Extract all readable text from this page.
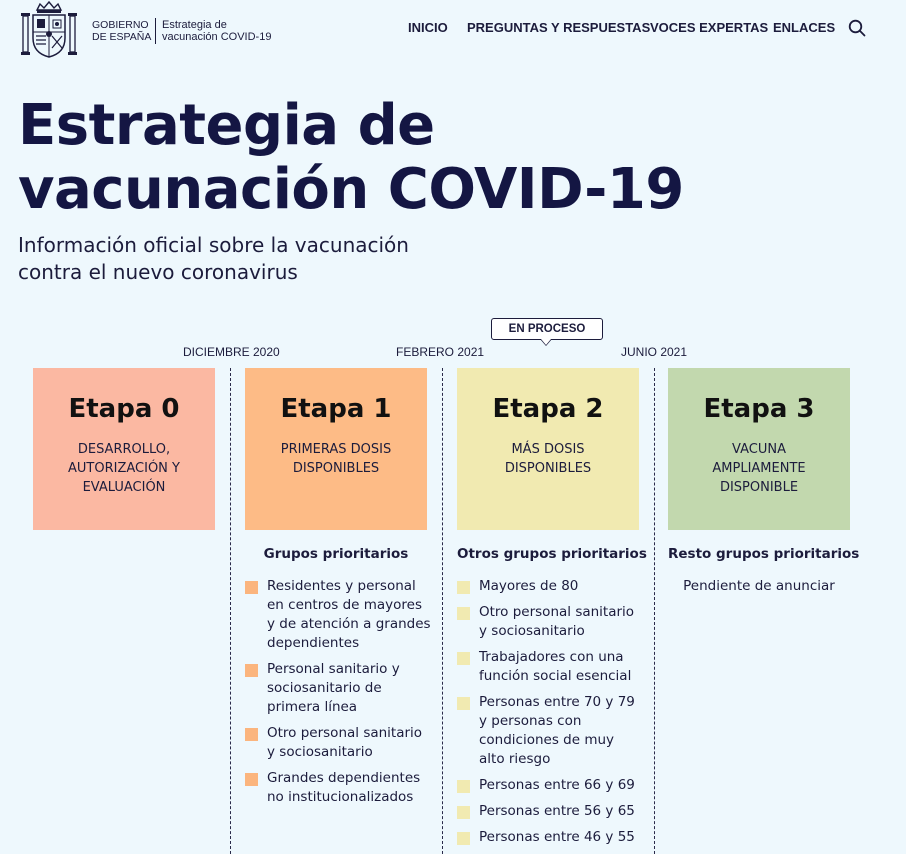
GOBIERNO
DE ESPAÑA
Estrategia de
vacunación COVID-19
INICIO PREGUNTAS Y RESPUESTAS VOCES EXPERTAS ENLACES
Estrategia de
vacunación COVID-19
Información oficial sobre la vacunación
contra el nuevo coronavirus
DICIEMBRE 2020	FEBRERO 2021	JUNIO 2021
EN PROCESO
Etapa 0
DESARROLLO,
AUTORIZACIÓN Y
EVALUACIÓN
Etapa 1
PRIMERAS DOSIS
DISPONIBLES
Etapa 2
MÁS DOSIS
DISPONIBLES
Etapa 3
VACUNA
AMPLIAMENTE
DISPONIBLE
Grupos prioritarios
Residentes y personal
en centros de mayores
y de atención a grandes
dependientes
Personal sanitario y
sociosanitario de
primera línea
Otro personal sanitario
y sociosanitario
Grandes dependientes
no institucionalizados
Otros grupos prioritarios
Mayores de 80
Otro personal sanitario
y sociosanitario
Trabajadores con una
función social esencial
Personas entre 70 y 79
y personas con
condiciones de muy
alto riesgo
Personas entre 66 y 69
Personas entre 56 y 65
Personas entre 46 y 55
Resto grupos prioritarios
Pendiente de anunciar
